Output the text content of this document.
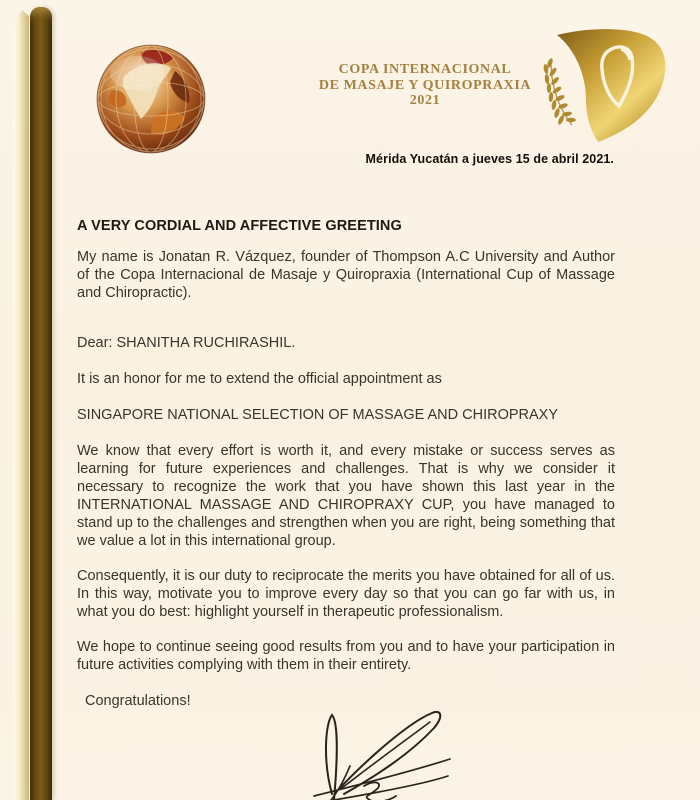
COPA INTERNACIONAL
DE MASAJE Y QUIROPRAXIA
2021
Mérida Yucatán a jueves 15 de abril 2021.
A VERY CORDIAL AND AFFECTIVE GREETING

My name is Jonatan R. Vázquez, founder of Thompson A.C University and Author of the Copa Internacional de Masaje y Quiropraxia (International Cup of Massage and Chiropractic).

Dear: SHANITHA RUCHIRASHIL.

It is an honor for me to extend the official appointment as

SINGAPORE NATIONAL SELECTION OF MASSAGE AND CHIROPRAXY

We know that every effort is worth it, and every mistake or success serves as learning for future experiences and challenges. That is why we consider it necessary to recognize the work that you have shown this last year in the INTERNATIONAL MASSAGE AND CHIROPRAXY CUP, you have managed to stand up to the challenges and strengthen when you are right, being something that we value a lot in this international group.

Consequently, it is our duty to reciprocate the merits you have obtained for all of us. In this way, motivate you to improve every day so that you can go far with us, in what you do best: highlight yourself in therapeutic professionalism.

We hope to continue seeing good results from you and to have your participation in future activities complying with them in their entirety.

Congratulations!
